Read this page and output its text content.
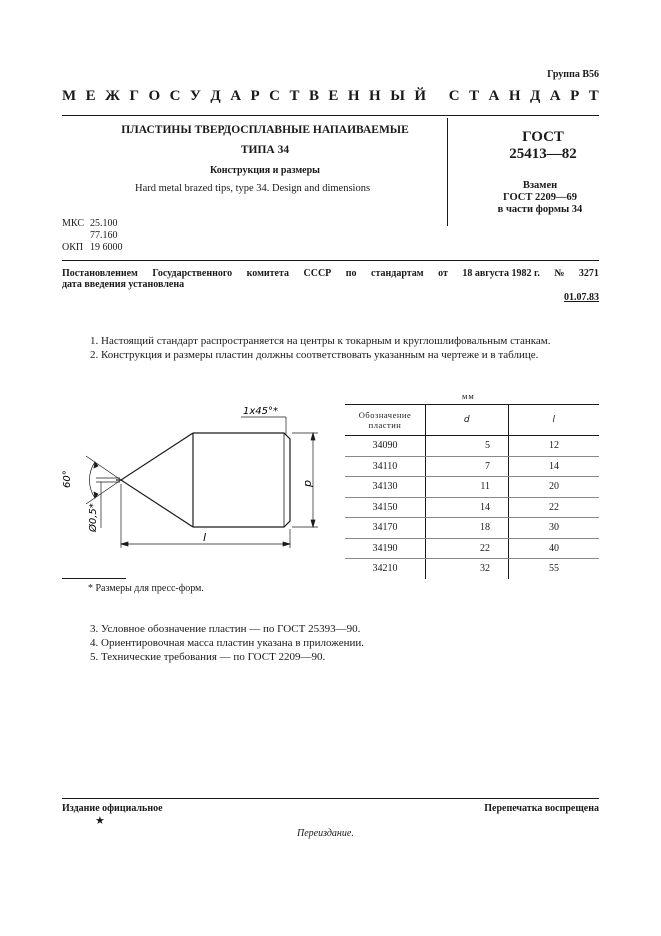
Группа В56
М Е Ж Г О С У Д А Р С Т В Е Н Н Ы Й
С Т А Н Д А Р Т
ПЛАСТИНЫ ТВЕРДОСПЛАВНЫЕ НАПАИВАЕМЫЕ
ТИПА 34
Конструкция и размеры
Hard metal brazed tips, type 34. Design and dimensions
ГОСТ
25413—82
Взамен
ГОСТ 2209—69
в части формы 34
МКС 25.100
77.160
ОКП 19 6000
Постановлением Государственного комитета СССР по стандартам от 18 августа 1982 г. № 3271
дата введения установлена
01.07.83
1. Настоящий стандарт распространяется на центры к токарным и круглошлифовальным станкам.
2. Конструкция и размеры пластин должны соответствовать указанным на чертеже и в таблице.
1x45°*
60°
Ø0,5*
d
l
мм
Обозначение пластин	d	l
34090	5	12
34110	7	14
34130	11	20
34150	14	22
34170	18	30
34190	22	40
34210	32	55
* Размеры для пресс-форм.
3. Условное обозначение пластин — по ГОСТ 25393—90.
4. Ориентировочная масса пластин указана в приложении.
5. Технические требования — по ГОСТ 2209—90.
Издание официальное	Перепечатка воспрещена
★
Переиздание.
